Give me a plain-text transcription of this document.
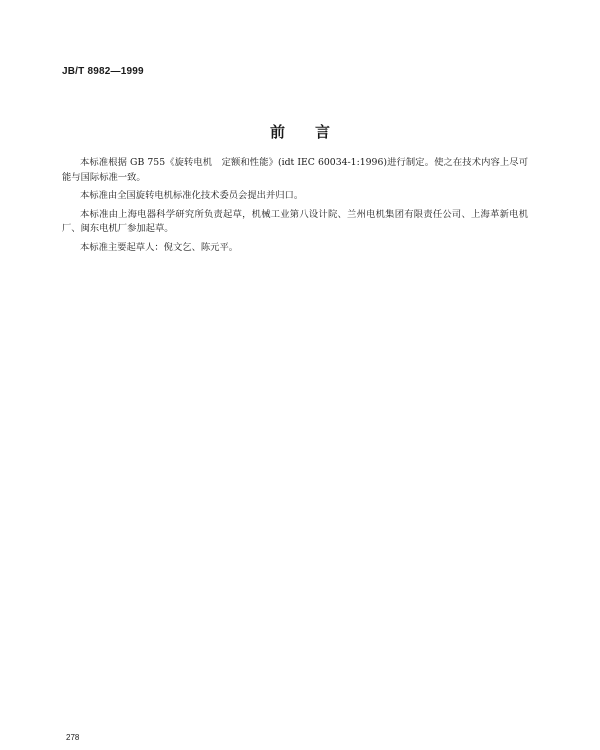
JB/T 8982—1999
前言

本标准根据 GB 755《旋转电机　定额和性能》(idt IEC 60034-1:1996)进行制定。使之在技术内容上尽可能与国际标准一致。

本标准由全国旋转电机标准化技术委员会提出并归口。

本标准由上海电器科学研究所负责起草，机械工业第八设计院、兰州电机集团有限责任公司、上海革新电机厂、闽东电机厂参加起草。

本标准主要起草人：倪文乞、陈元平。

278
